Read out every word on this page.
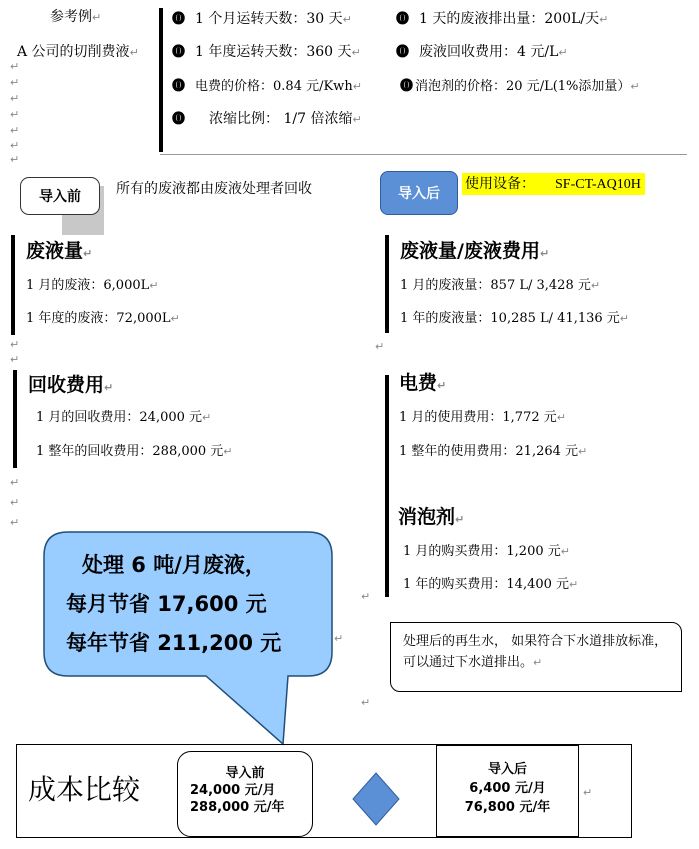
参考例↵
A 公司的切削费液↵
⓿ 1 个月运转天数：30 天↵	⓿ 1 天的废液排出量：200L/天↵
⓿ 1 年度运转天数：360 天↵	⓿ 废液回收费用：4 元/L↵
⓿ 电费的价格：0.84 元/Kwh↵	⓿ 消泡剂的价格：20 元/L(1%添加量）↵
⓿ 浓缩比例： 1/7 倍浓缩↵
↵
↵
↵
↵
↵
↵
↵
导入前	所有的废液都由废液处理者回收	导入后
使用设备： SF-CT-AQ10H
废液量↵
1 月的废液：6,000L↵
1 年度的废液：72,000L↵
↵
↵
回收费用↵
1 月的回收费用：24,000 元↵
1 整年的回收费用：288,000 元↵
↵
↵
↵
废液量/废液费用↵
1 月的废液量：857 L/ 3,428 元↵
1 年的废液量：10,285 L/ 41,136 元↵
↵
电费↵
1 月的使用费用：1,772 元↵
1 整年的使用费用：21,264 元↵
消泡剂↵
1 月的购买费用：1,200 元↵
1 年的购买费用：14,400 元↵
处理后的再生水， 如果符合下水道排放标准，可以通过下水道排出。↵
↵
↵
↵
处理 6 吨/月废液，
每月节省 17,600 元
每年节省 211,200 元
成本比较	导入前
24,000 元/月
288,000 元/年
导入后
6,400 元/月
76,800 元/年
↵
